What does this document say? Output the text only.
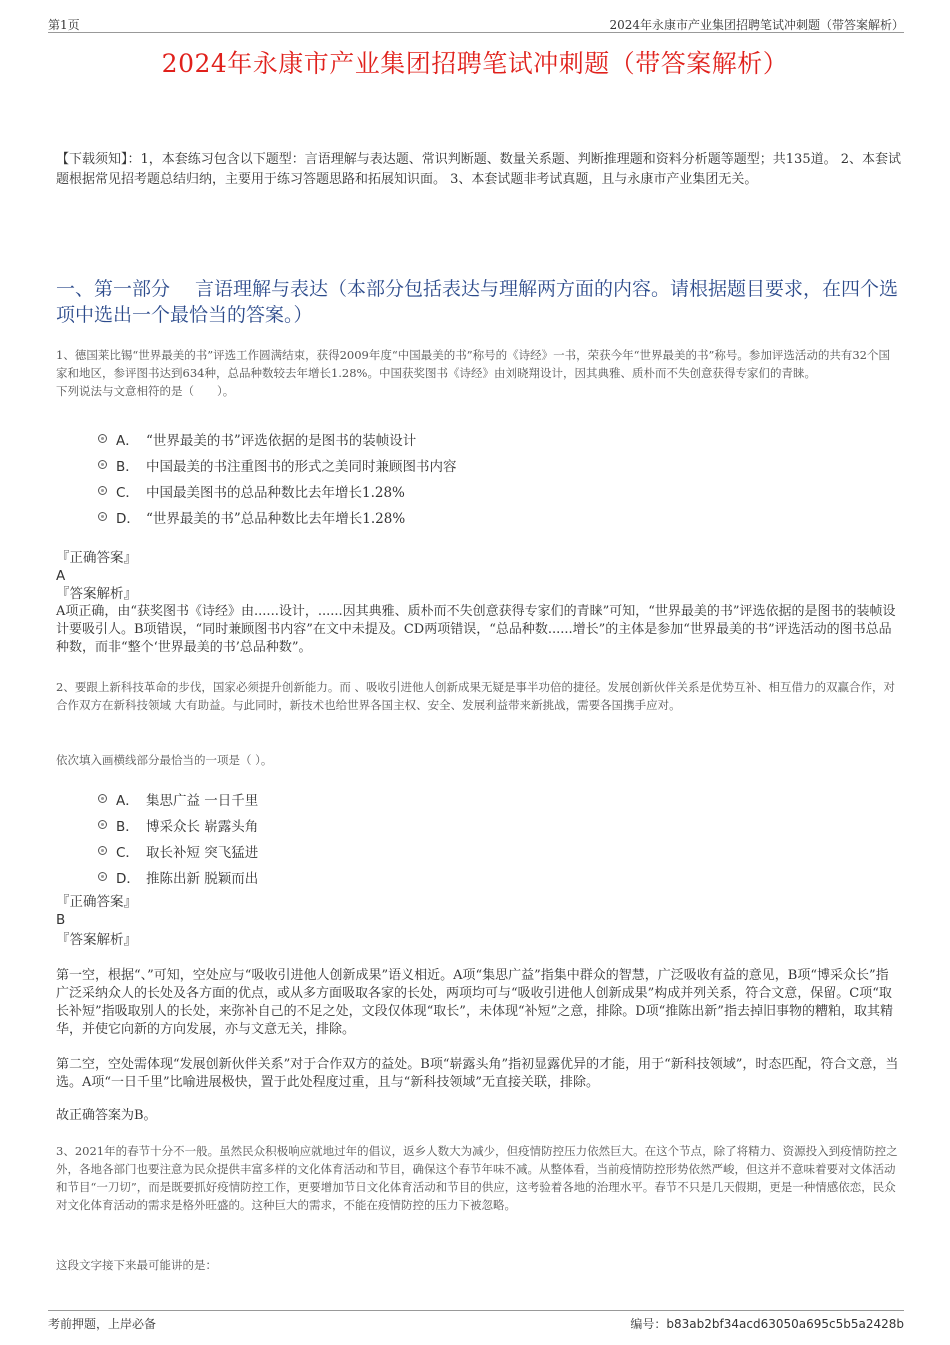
第1页	2024年永康市产业集团招聘笔试冲刺题（带答案解析）
2024年永康市产业集团招聘笔试冲刺题（带答案解析）
【下载须知】：1，本套练习包含以下题型：言语理解与表达题、常识判断题、数量关系题、判断推理题和资料分析题等题型；共135道。 2、本套试题根据常见招考题总结归纳，主要用于练习答题思路和拓展知识面。 3、本套试题非考试真题，且与永康市产业集团无关。
一、第一部分　 言语理解与表达（本部分包括表达与理解两方面的内容。请根据题目要求，在四个选项中选出一个最恰当的答案。）
1、德国莱比锡“世界最美的书”评选工作圆满结束，获得2009年度“中国最美的书”称号的《诗经》一书，荣获今年“世界最美的书”称号。参加评选活动的共有32个国家和地区，参评图书达到634种，总品种数较去年增长1.28%。中国获奖图书《诗经》由刘晓翔设计，因其典雅、质朴而不失创意获得专家们的青睐。
下列说法与文意相符的是（　　）。
A． “世界最美的书”评选依据的是图书的装帧设计
B． 中国最美的书注重图书的形式之美同时兼顾图书内容
C． 中国最美图书的总品种数比去年增长1.28%
D． “世界最美的书”总品种数比去年增长1.28%
『正确答案』
A
『答案解析』
A项正确，由“获奖图书《诗经》由......设计，......因其典雅、质朴而不失创意获得专家们的青睐”可知，“世界最美的书”评选依据的是图书的装帧设计要吸引人。B项错误，“同时兼顾图书内容”在文中未提及。CD两项错误，“总品种数......增长”的主体是参加“世界最美的书”评选活动的图书总品种数，而非“整个‘世界最美的书’总品种数”。
2、要跟上新科技革命的步伐，国家必须提升创新能力。而 、吸收引进他人创新成果无疑是事半功倍的捷径。发展创新伙伴关系是优势互补、相互借力的双赢合作，对合作双方在新科技领域 大有助益。与此同时，新技术也给世界各国主权、安全、发展利益带来新挑战，需要各国携手应对。
依次填入画横线部分最恰当的一项是（ ）。
A． 集思广益 一日千里
B． 博采众长 崭露头角
C． 取长补短 突飞猛进
D． 推陈出新 脱颖而出
『正确答案』
B
『答案解析』
第一空，根据“、”可知，空处应与“吸收引进他人创新成果”语义相近。A项“集思广益”指集中群众的智慧，广泛吸收有益的意见，B项“博采众长”指广泛采纳众人的长处及各方面的优点，或从多方面吸取各家的长处，两项均可与“吸收引进他人创新成果”构成并列关系，符合文意，保留。C项“取长补短”指吸取别人的长处，来弥补自己的不足之处，文段仅体现“取长”，未体现“补短”之意，排除。D项“推陈出新”指去掉旧事物的糟粕，取其精华，并使它向新的方向发展，亦与文意无关，排除。
第二空，空处需体现“发展创新伙伴关系”对于合作双方的益处。B项“崭露头角”指初显露优异的才能，用于“新科技领域”，时态匹配，符合文意，当选。A项“一日千里”比喻进展极快，置于此处程度过重，且与“新科技领域”无直接关联，排除。
故正确答案为B。
3、2021年的春节十分不一般。虽然民众积极响应就地过年的倡议，返乡人数大为减少，但疫情防控压力依然巨大。在这个节点，除了将精力、资源投入到疫情防控之外，各地各部门也要注意为民众提供丰富多样的文化体育活动和节目，确保这个春节年味不减。从整体看，当前疫情防控形势依然严峻，但这并不意味着要对文体活动和节目“一刀切”，而是既要抓好疫情防控工作，更要增加节日文化体育活动和节目的供应，这考验着各地的治理水平。春节不只是几天假期，更是一种情感依恋，民众对文化体育活动的需求是格外旺盛的。这种巨大的需求，不能在疫情防控的压力下被忽略。
这段文字接下来最可能讲的是：
考前押题，上岸必备	编号：b83ab2bf34acd63050a695c5b5a2428b
